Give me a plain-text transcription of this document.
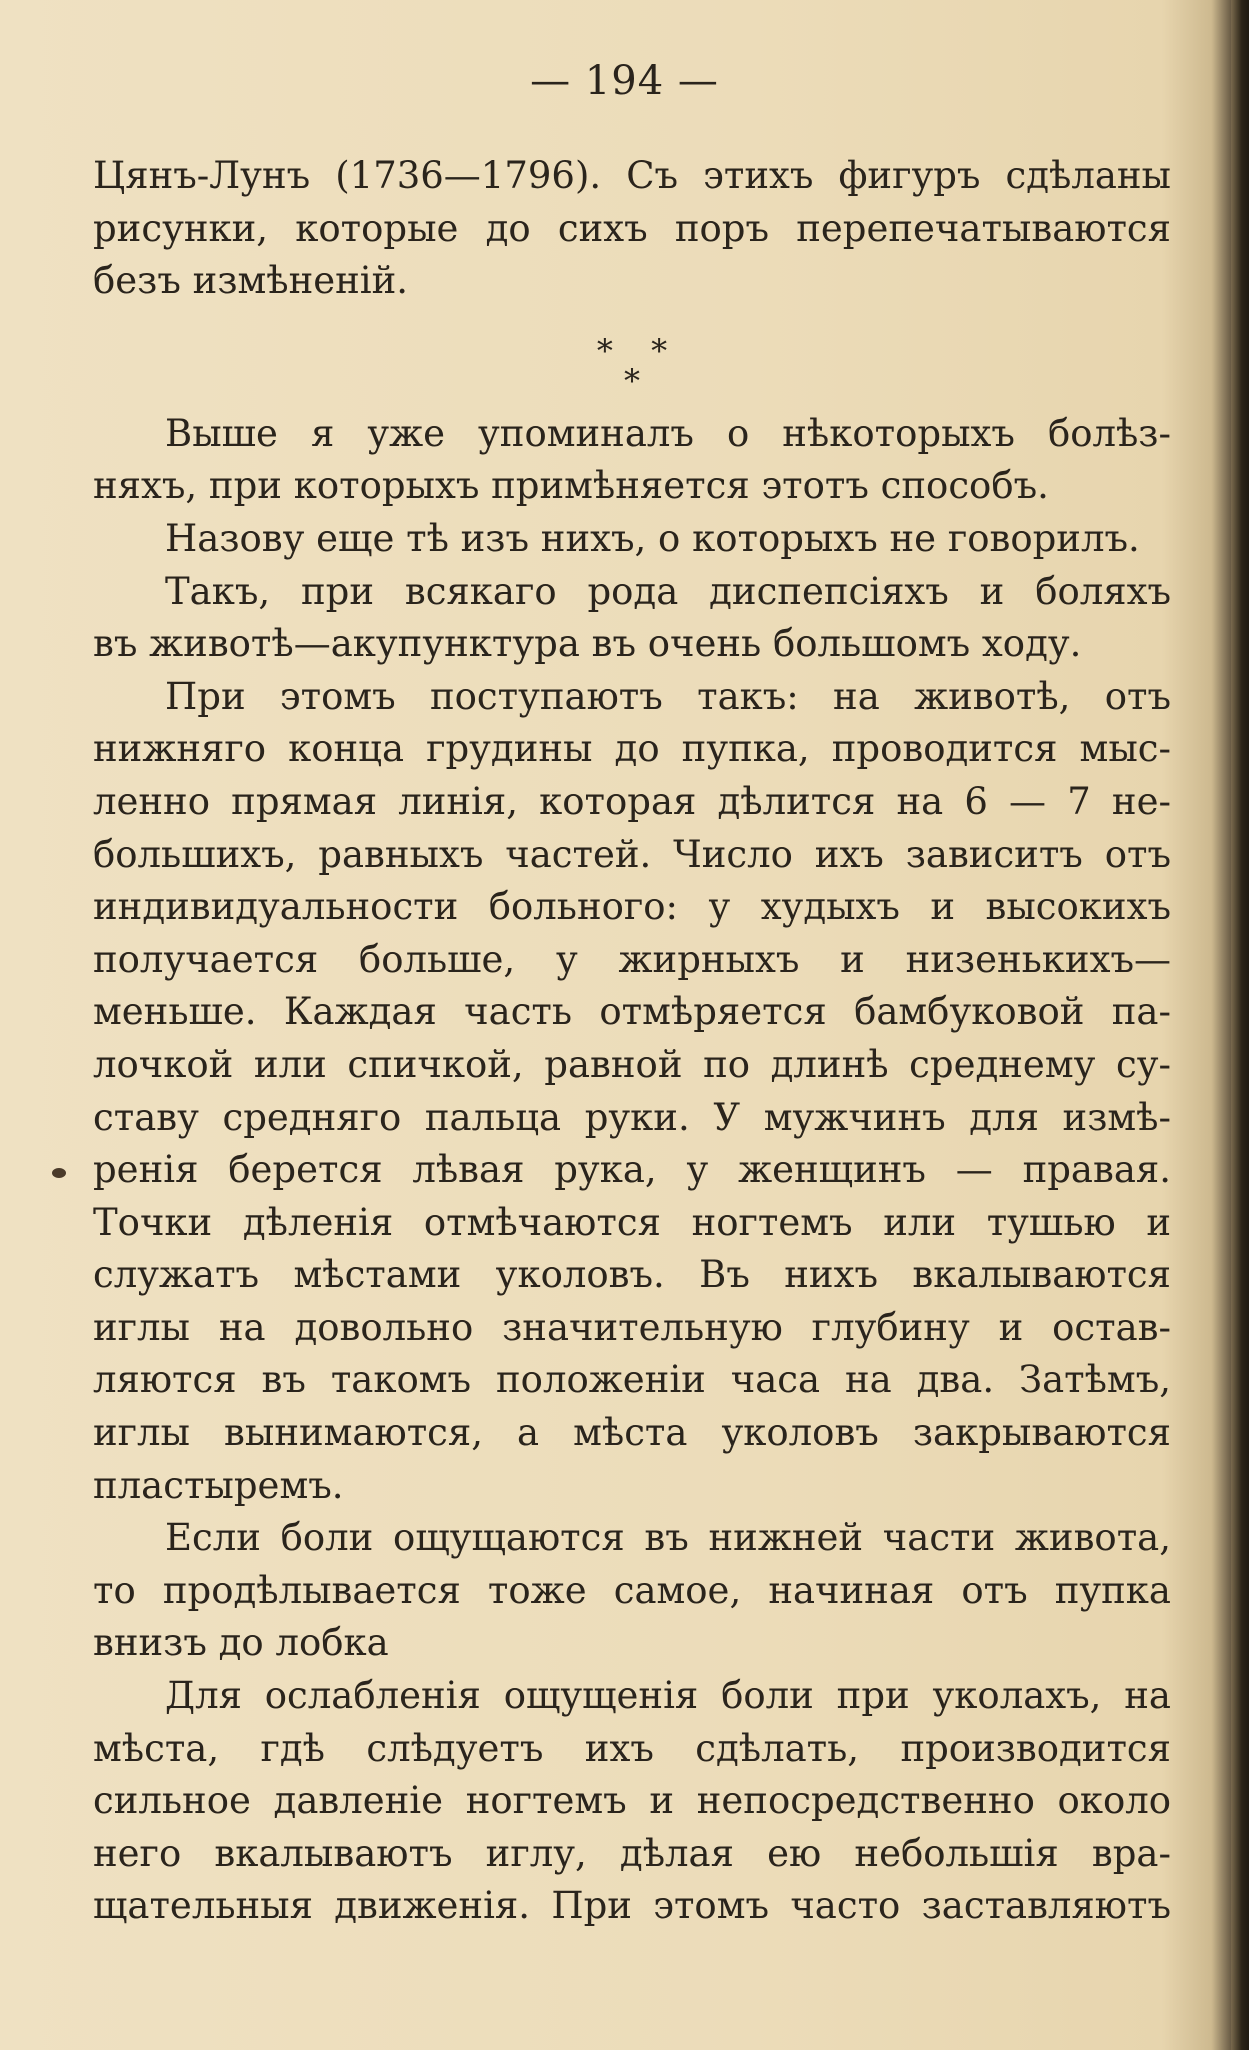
— 194 —
Цянъ-Лунъ (1736—1796). Съ этихъ фигуръ сдѣланы
рисунки, которые до сихъ поръ перепечатываются
безъ измѣненій.
* *
*
Выше я уже упоминалъ о нѣкоторыхъ болѣз-
няхъ, при которыхъ примѣняется этотъ способъ.
Назову еще тѣ изъ нихъ, о которыхъ не говорилъ.
Такъ, при всякаго рода диспепсіяхъ и боляхъ
въ животѣ—акупунктура въ очень большомъ ходу.
При этомъ поступаютъ такъ: на животѣ, отъ
нижняго конца грудины до пупка, проводится мыс-
ленно прямая линія, которая дѣлится на 6 — 7 не-
большихъ, равныхъ частей. Число ихъ зависитъ отъ
индивидуальности больного: у худыхъ и высокихъ
получается больше, у жирныхъ и низенькихъ—
меньше. Каждая часть отмѣряется бамбуковой па-
лочкой или спичкой, равной по длинѣ среднему су-
ставу средняго пальца руки. У мужчинъ для измѣ-
ренія берется лѣвая рука, у женщинъ — правая.
Точки дѣленія отмѣчаются ногтемъ или тушью и
служатъ мѣстами уколовъ. Въ нихъ вкалываются
иглы на довольно значительную глубину и остав-
ляются въ такомъ положеніи часа на два. Затѣмъ,
иглы вынимаются, а мѣста уколовъ закрываются
пластыремъ.
Если боли ощущаются въ нижней части живота,
то продѣлывается тоже самое, начиная отъ пупка
внизъ до лобка
Для ослабленія ощущенія боли при уколахъ, на
мѣста, гдѣ слѣдуетъ ихъ сдѣлать, производится
сильное давленіе ногтемъ и непосредственно около
него вкалываютъ иглу, дѣлая ею небольшія вра-
щательныя движенія. При этомъ часто заставляютъ
